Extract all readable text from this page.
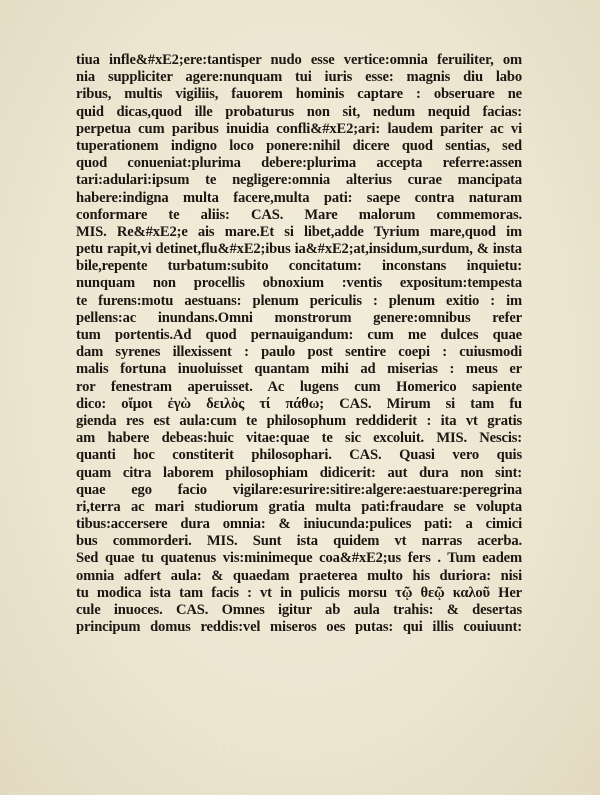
tiua infle&#xE2;ere:tantisper nudo esse vertice:omnia feruiliter, om
nia suppliciter agere:nunquam tui iuris esse: magnis diu labo
ribus, multis vigiliis, fauorem hominis captare : obseruare ne
quid dicas,quod ille probaturus non sit, nedum nequid facias:
perpetua cum paribus inuidia confli&#xE2;ari: laudem pariter ac vi
tuperationem indigno loco ponere:nihil dicere quod sentias, sed
quod conueniat:plurima debere:plurima accepta referre:assen
tari:adulari:ipsum te negligere:omnia alterius curae mancipata
habere:indigna multa facere,multa pati: saepe contra naturam
conformare te aliis: CAS. Mare malorum commemoras.
MIS. Re&#xE2;e ais mare.Et si libet,adde Tyrium mare,quod im
petu rapit,vi detinet,flu&#xE2;ibus ia&#xE2;at,insidum,surdum, & insta
bile,repente turbatum:subito concitatum: inconstans inquietu:
nunquam non procellis obnoxium :ventis expositum:tempesta
te furens:motu aestuans: plenum periculis : plenum exitio : im
pellens:ac inundans.Omni monstrorum genere:omnibus refer
tum portentis.Ad quod pernauigandum: cum me dulces quae
dam syrenes illexissent : paulo post sentire coepi : cuiusmodi
malis fortuna inuoluisset quantam mihi ad miserias : meus er
ror fenestram aperuisset. Ac lugens cum Homerico sapiente
dico: οἴμοι ἐγὼ δειλὸς τί πάθω; CAS. Mirum si tam fu
gienda res est aula:cum te philosophum reddiderit : ita vt gratis
am habere debeas:huic vitae:quae te sic excoluit. MIS. Nescis:
quanti hoc constiterit philosophari. CAS. Quasi vero quis
quam citra laborem philosophiam didicerit: aut dura non sint:
quae ego facio vigilare:esurire:sitire:algere:aestuare:peregrina
ri,terra ac mari studiorum gratia multa pati:fraudare se volupta
tibus:accersere dura omnia: & iniucunda:pulices pati: a cimici
bus commorderi. MIS. Sunt ista quidem vt narras acerba.
Sed quae tu quatenus vis:minimeque coa&#xE2;us fers . Tum eadem
omnia adfert aula: & quaedam praeterea multo his duriora: nisi
tu modica ista tam facis : vt in pulicis morsu τῷ θεῷ καλοῦ Her
cule inuoces. CAS. Omnes igitur ab aula trahis: & desertas
principum domus reddis:vel miseros oes putas: qui illis couiuunt:
· · ·
